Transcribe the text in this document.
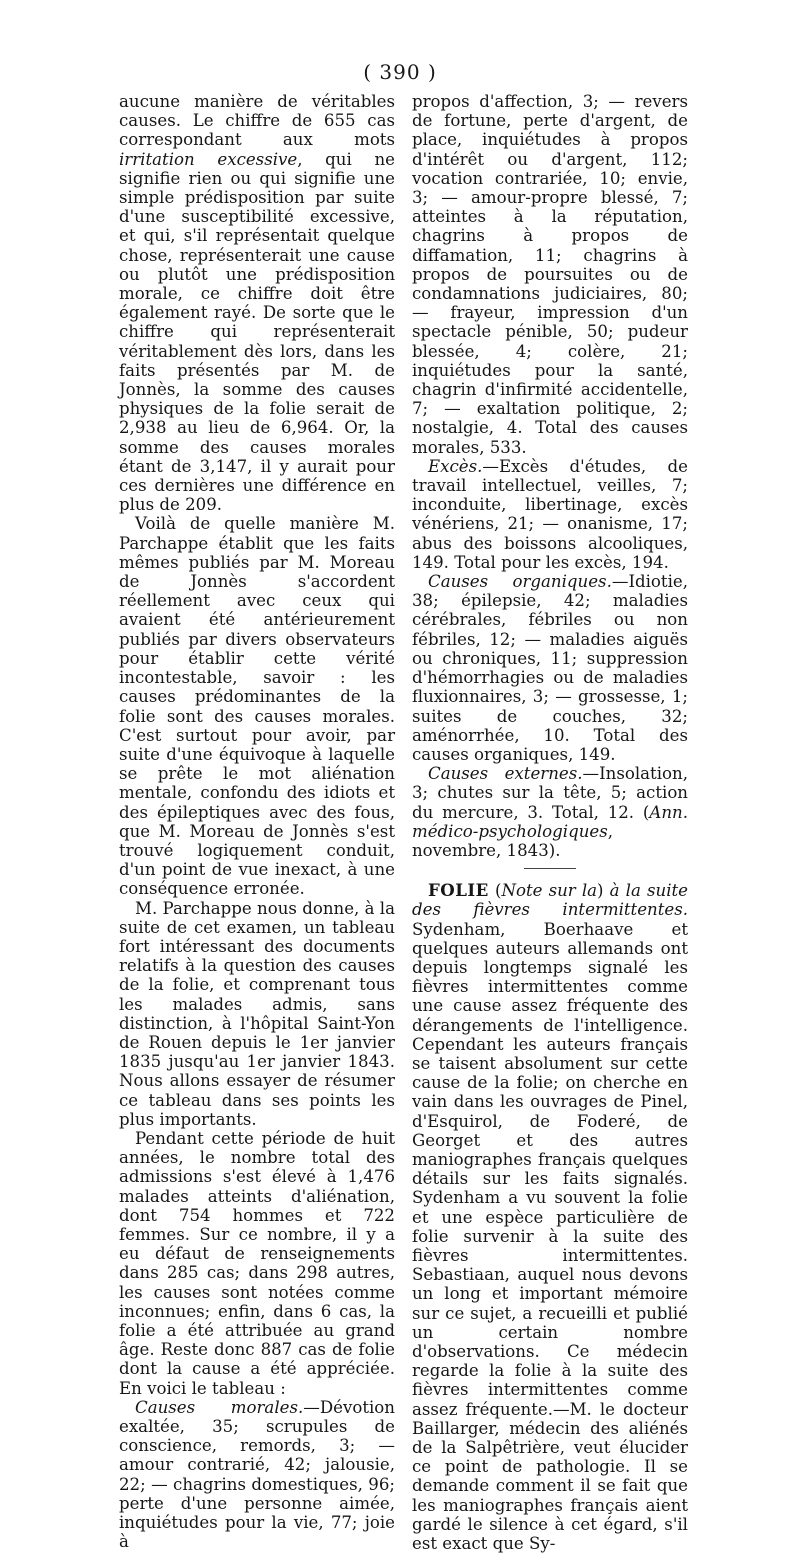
( 390 )

aucune manière de véritables causes. Le chiffre de 655 cas correspondant aux mots irritation excessive, qui ne signifie rien ou qui signifie une simple prédisposition par suite d'une susceptibilité excessive, et qui, s'il représentait quelque chose, représenterait une cause ou plutôt une prédisposition morale, ce chiffre doit être également rayé. De sorte que le chiffre qui représenterait véritablement dès lors, dans les faits présentés par M. de Jonnès, la somme des causes physiques de la folie serait de 2,938 au lieu de 6,964. Or, la somme des causes morales étant de 3,147, il y aurait pour ces dernières une différence en plus de 209.

Voilà de quelle manière M. Parchappe établit que les faits mêmes publiés par M. Moreau de Jonnès s'accordent réellement avec ceux qui avaient été antérieurement publiés par divers observateurs pour établir cette vérité incontestable, savoir : les causes prédominantes de la folie sont des causes morales. C'est surtout pour avoir, par suite d'une équivoque à laquelle se prête le mot aliénation mentale, confondu des idiots et des épileptiques avec des fous, que M. Moreau de Jonnès s'est trouvé logiquement conduit, d'un point de vue inexact, à une conséquence erronée.

M. Parchappe nous donne, à la suite de cet examen, un tableau fort intéressant des documents relatifs à la question des causes de la folie, et comprenant tous les malades admis, sans distinction, à l'hôpital Saint-Yon de Rouen depuis le 1er janvier 1835 jusqu'au 1er janvier 1843. Nous allons essayer de résumer ce tableau dans ses points les plus importants.

Pendant cette période de huit années, le nombre total des admissions s'est élevé à 1,476 malades atteints d'aliénation, dont 754 hommes et 722 femmes. Sur ce nombre, il y a eu défaut de renseignements dans 285 cas; dans 298 autres, les causes sont notées comme inconnues; enfin, dans 6 cas, la folie a été attribuée au grand âge. Reste donc 887 cas de folie dont la cause a été appréciée. En voici le tableau :

Causes morales.—Dévotion exaltée, 35; scrupules de conscience, remords, 3; — amour contrarié, 42; jalousie, 22; — chagrins domestiques, 96; perte d'une personne aimée, inquiétudes pour la vie, 77; joie à

propos d'affection, 3; — revers de fortune, perte d'argent, de place, inquiétudes à propos d'intérêt ou d'argent, 112; vocation contrariée, 10; envie, 3; — amour-propre blessé, 7; atteintes à la réputation, chagrins à propos de diffamation, 11; chagrins à propos de poursuites ou de condamnations judiciaires, 80; — frayeur, impression d'un spectacle pénible, 50; pudeur blessée, 4; colère, 21; inquiétudes pour la santé, chagrin d'infirmité accidentelle, 7; — exaltation politique, 2; nostalgie, 4. Total des causes morales, 533.

Excès.—Excès d'études, de travail intellectuel, veilles, 7; inconduite, libertinage, excès vénériens, 21; — onanisme, 17; abus des boissons alcooliques, 149. Total pour les excès, 194.

Causes organiques.—Idiotie, 38; épilepsie, 42; maladies cérébrales, fébriles ou non fébriles, 12; — maladies aiguës ou chroniques, 11; suppression d'hémorrhagies ou de maladies fluxionnaires, 3; — grossesse, 1; suites de couches, 32; aménorrhée, 10. Total des causes organiques, 149.

Causes externes.—Insolation, 3; chutes sur la tête, 5; action du mercure, 3. Total, 12. (Ann. médico-psychologiques, novembre, 1843).

FOLIE (Note sur la) à la suite des fièvres intermittentes. Sydenham, Boerhaave et quelques auteurs allemands ont depuis longtemps signalé les fièvres intermittentes comme une cause assez fréquente des dérangements de l'intelligence. Cependant les auteurs français se taisent absolument sur cette cause de la folie; on cherche en vain dans les ouvrages de Pinel, d'Esquirol, de Foderé, de Georget et des autres maniographes français quelques détails sur les faits signalés. Sydenham a vu souvent la folie et une espèce particulière de folie survenir à la suite des fièvres intermittentes. Sebastiaan, auquel nous devons un long et important mémoire sur ce sujet, a recueilli et publié un certain nombre d'observations. Ce médecin regarde la folie à la suite des fièvres intermittentes comme assez fréquente.—M. le docteur Baillarger, médecin des aliénés de la Salpêtrière, veut élucider ce point de pathologie. Il se demande comment il se fait que les maniographes français aient gardé le silence à cet égard, s'il est exact que Sy-
